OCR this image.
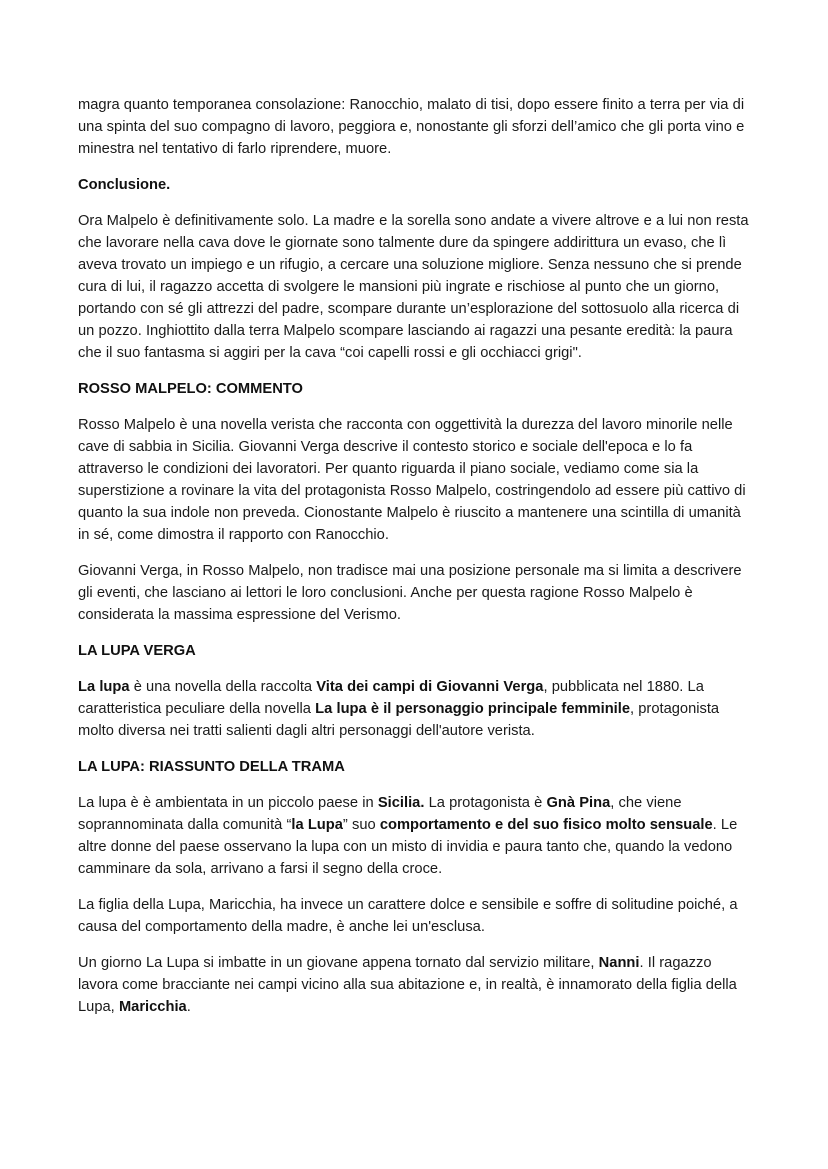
magra quanto temporanea consolazione: Ranocchio, malato di tisi, dopo essere finito a terra per via di una spinta del suo compagno di lavoro, peggiora e, nonostante gli sforzi dell’amico che gli porta vino e minestra nel tentativo di farlo riprendere, muore.

Conclusione.

Ora Malpelo è definitivamente solo. La madre e la sorella sono andate a vivere altrove e a lui non resta che lavorare nella cava dove le giornate sono talmente dure da spingere addirittura un evaso, che lì aveva trovato un impiego e un rifugio, a cercare una soluzione migliore. Senza nessuno che si prende cura di lui, il ragazzo accetta di svolgere le mansioni più ingrate e rischiose al punto che un giorno, portando con sé gli attrezzi del padre, scompare durante un’esplorazione del sottosuolo alla ricerca di un pozzo. Inghiottito dalla terra Malpelo scompare lasciando ai ragazzi una pesante eredità: la paura che il suo fantasma si aggiri per la cava “coi capelli rossi e gli occhiacci grigi".

ROSSO MALPELO: COMMENTO

Rosso Malpelo è una novella verista che racconta con oggettività la durezza del lavoro minorile nelle cave di sabbia in Sicilia. Giovanni Verga descrive il contesto storico e sociale dell'epoca e lo fa attraverso le condizioni dei lavoratori. Per quanto riguarda il piano sociale, vediamo come sia la superstizione a rovinare la vita del protagonista Rosso Malpelo, costringendolo ad essere più cattivo di quanto la sua indole non preveda. Cionostante Malpelo è riuscito a mantenere una scintilla di umanità in sé, come dimostra il rapporto con Ranocchio.

Giovanni Verga, in Rosso Malpelo, non tradisce mai una posizione personale ma si limita a descrivere gli eventi, che lasciano ai lettori le loro conclusioni. Anche per questa ragione Rosso Malpelo è considerata la massima espressione del Verismo.

LA LUPA VERGA

La lupa è una novella della raccolta Vita dei campi di Giovanni Verga, pubblicata nel 1880. La caratteristica peculiare della novella La lupa è il personaggio principale femminile, protagonista molto diversa nei tratti salienti dagli altri personaggi dell'autore verista.

LA LUPA: RIASSUNTO DELLA TRAMA

La lupa è è ambientata in un piccolo paese in Sicilia. La protagonista è Gnà Pina, che viene soprannominata dalla comunità “la Lupa” suo comportamento e del suo fisico molto sensuale. Le altre donne del paese osservano la lupa con un misto di invidia e paura tanto che, quando la vedono camminare da sola, arrivano a farsi il segno della croce.

La figlia della Lupa, Maricchia, ha invece un carattere dolce e sensibile e soffre di solitudine poiché, a causa del comportamento della madre, è anche lei un'esclusa.

Un giorno La Lupa si imbatte in un giovane appena tornato dal servizio militare, Nanni. Il ragazzo lavora come bracciante nei campi vicino alla sua abitazione e, in realtà, è innamorato della figlia della Lupa, Maricchia.
